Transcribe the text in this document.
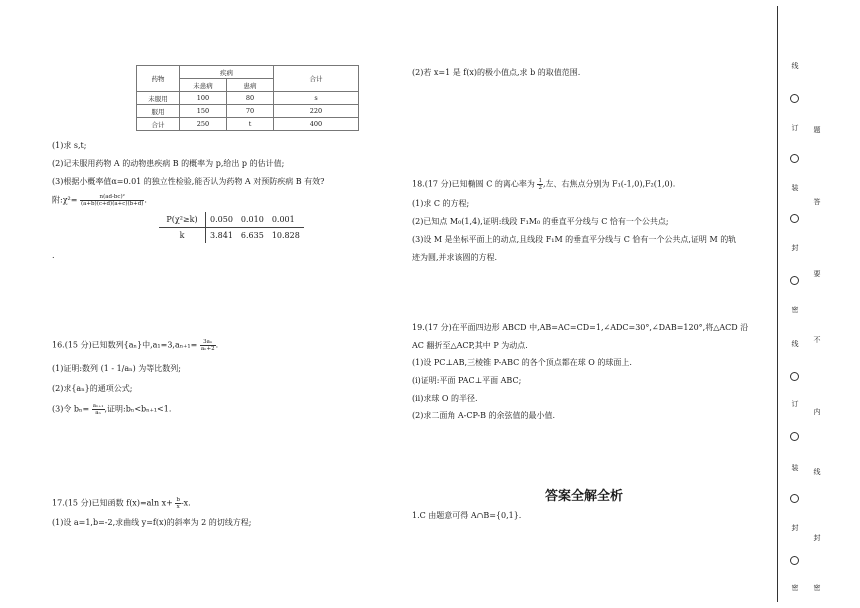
药物	疾病		合计
	未患病	患病	
未服用	100	80	s
服用	150	70	220
合计	250	t	400
(1)求 s,t;
(2)记未服用药物 A 的动物患疾病 B 的概率为 p,给出 p 的估计值;
(3)根据小概率值α=0.01 的独立性检验,能否认为药物 A 对预防疾病 B 有效?
附:χ²= $\frac{\text{n(ad-bc)²}}{(a+b)(c+d)(a+c)(b+d)}$ .
P(χ²≥k)	0.050	0.010	0.001
k	3.841	6.635	10.828
.
16.(15 分)已知数列{aₙ}中$,a_1=3,a_{n+1}= \frac{\text{3aₙ}}{\text{aₙ+2}}$ .
(1)证明:数列 (1 - 1/aₙ) 为等比数列;
(2)求{aₙ}的通项公式;
(3)令 $b_n= \frac{\text{aₙ₊₁}}{\text{aₙ}}$ ,证明:bₙ<bₙ₊₁<1.
17.(15 分)已知函数 f(x)=aln $x+ \frac{b}{x} -x$.
(1)设 a=1,b=-2,求曲线 y=f(x)的斜率为 2 的切线方程;
(2)若 x=1 是 f(x)的极小值点,求 b 的取值范围.
18.(17 分)已知椭圆 C 的离心率为 $\frac{1}{2}$ ,左、右焦点分别为 F₁(-1,0),F₂(1,0).
(1)求 C 的方程;
(2)已知点 M₀(1,4),证明:线段 F₁M₀ 的垂直平分线与 C 恰有一个公共点;
(3)设 M 是坐标平面上的动点,且线段 F₁M 的垂直平分线与 C 恰有一个公共点,证明 M 的轨
迹为圆,并求该圆的方程.
19.(17 分)在平面四边形 ABCD 中,AB=AC=CD=1,∠ADC=30°,∠DAB=120°,将△ACD 沿
AC 翻折至△ACP,其中 P 为动点.
(1)设 PC⊥AB,三棱锥 P-ABC 的各个顶点都在球 O 的球面上.
(i)证明:平面 PAC⊥平面 ABC;
(ii)求球 O 的半径.
(2)求二面角 A-CP-B 的余弦值的最小值.
答案全解全析
1.C 由题意可得 A∩B={0,1}.
线
订
装
封
密
线
订
装
封
密
题
答
要
不
内
线
封
密
